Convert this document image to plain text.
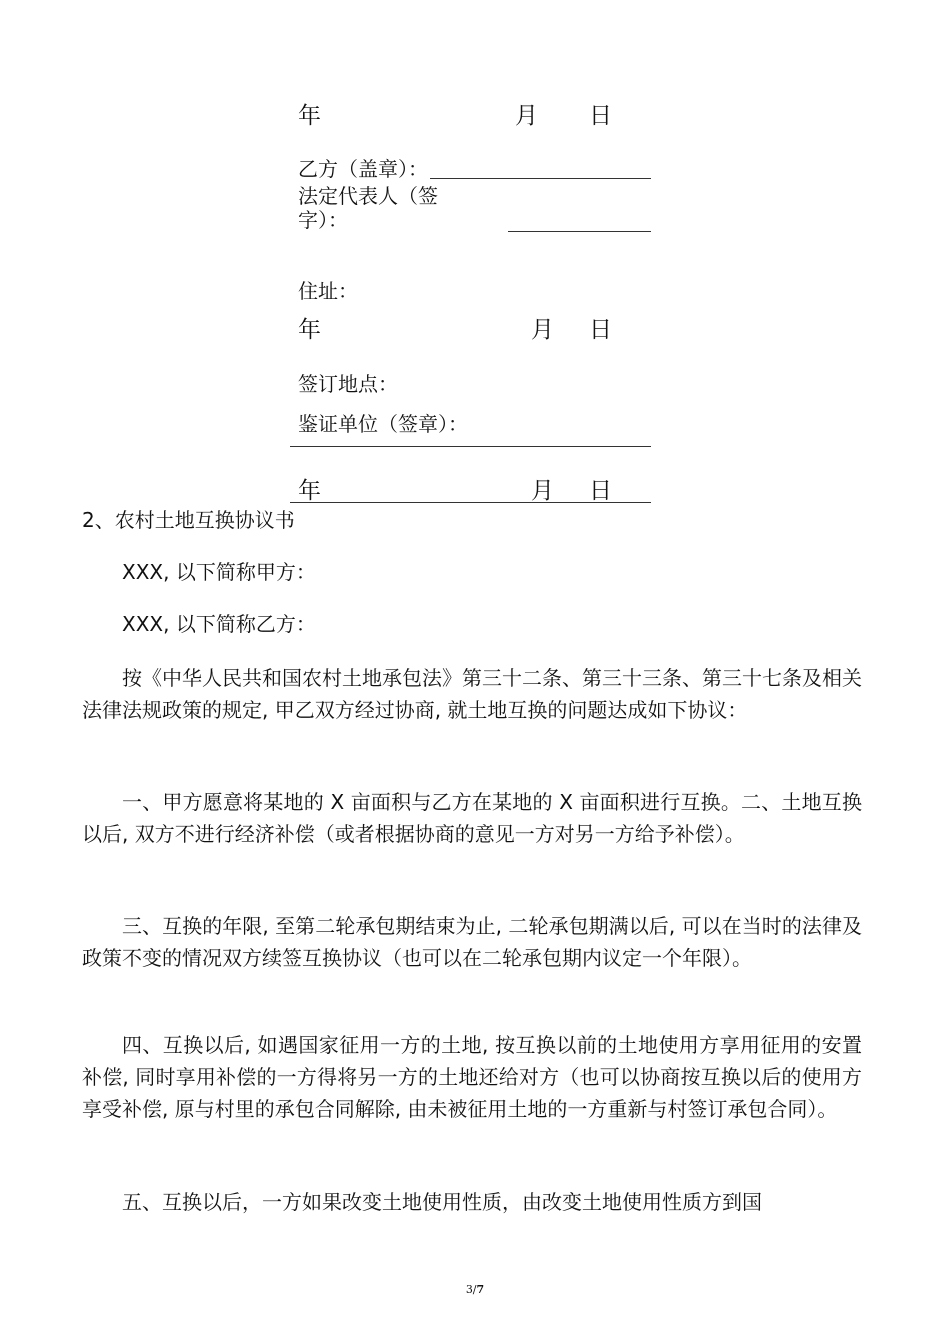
年	月 日
乙方（盖章）：
法定代表人（签
字）：
住址：
年	月 日
签订地点：
鉴证单位（签章）：
年	月 日
2、农村土地互换协议书
XXX, 以下简称甲方：
XXX, 以下简称乙方：

按《中华人民共和国农村土地承包法》第三十二条、第三十三条、第三十七条及相关法律法规政策的规定, 甲乙双方经过协商, 就土地互换的问题达成如下协议：

一、甲方愿意将某地的 X 亩面积与乙方在某地的 X 亩面积进行互换。二、土地互换以后, 双方不进行经济补偿（或者根据协商的意见一方对另一方给予补偿）。

三、互换的年限, 至第二轮承包期结束为止, 二轮承包期满以后, 可以在当时的法律及政策不变的情况双方续签互换协议（也可以在二轮承包期内议定一个年限）。

四、互换以后, 如遇国家征用一方的土地, 按互换以前的土地使用方享用征用的安置补偿, 同时享用补偿的一方得将另一方的土地还给对方（也可以协商按互换以后的使用方享受补偿, 原与村里的承包合同解除, 由未被征用土地的一方重新与村签订承包合同）。

五、互换以后，一方如果改变土地使用性质，由改变土地使用性质方到国

3/7
